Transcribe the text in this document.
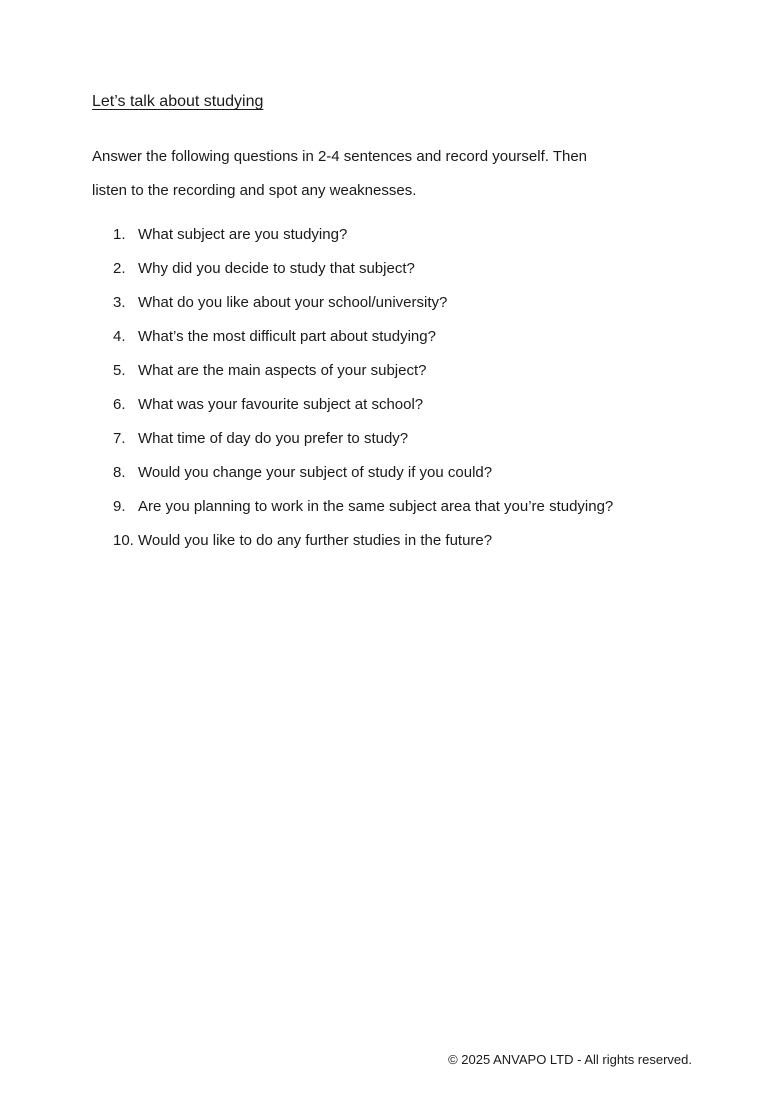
Let’s talk about studying

Answer the following questions in 2-4 sentences and record yourself. Then
listen to the recording and spot any weaknesses.

1. What subject are you studying?
2. Why did you decide to study that subject?
3. What do you like about your school/university?
4. What’s the most difficult part about studying?
5. What are the main aspects of your subject?
6. What was your favourite subject at school?
7. What time of day do you prefer to study?
8. Would you change your subject of study if you could?
9. Are you planning to work in the same subject area that you’re studying?
10. Would you like to do any further studies in the future?
© 2025 ANVAPO LTD - All rights reserved.
